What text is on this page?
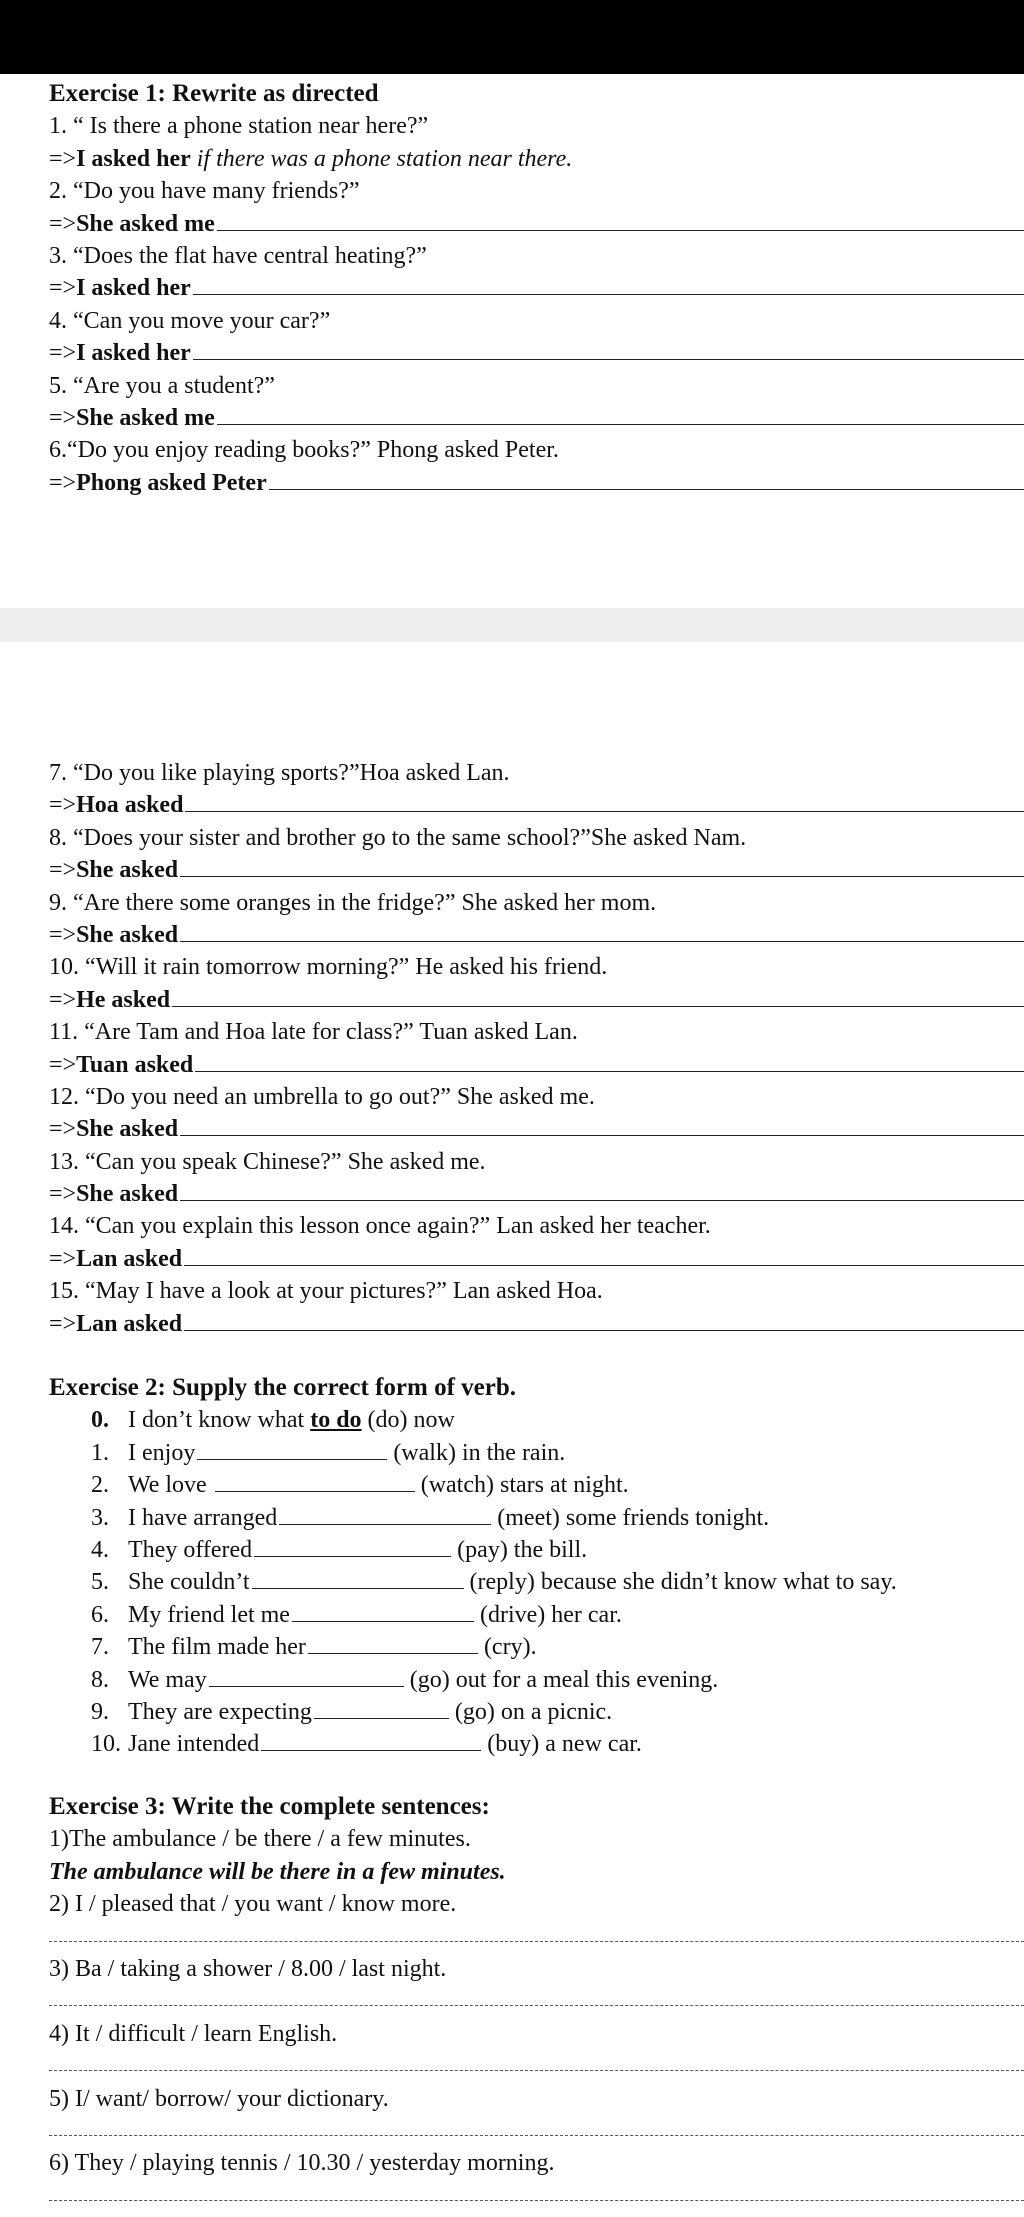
Exercise 1: Rewrite as directed
1. “ Is there a phone station near here?”
=>I asked her if there was a phone station near there.
2. “Do you have many friends?”
=> She asked me
3. “Does the flat have central heating?”
=> I asked her
4. “Can you move your car?”
=> I asked her
5. “Are you a student?”
=> She asked me
6.“Do you enjoy reading books?” Phong asked Peter.
=> Phong asked Peter
7. “Do you like playing sports?”Hoa asked Lan.
=> Hoa asked
8. “Does your sister and brother go to the same school?”She asked Nam.
=> She asked
9. “Are there some oranges in the fridge?” She asked her mom.
=> She asked
10. “Will it rain tomorrow morning?” He asked his friend.
=> He asked
11. “Are Tam and Hoa late for class?” Tuan asked Lan.
=> Tuan asked
12. “Do you need an umbrella to go out?” She asked me.
=> She asked
13. “Can you speak Chinese?” She asked me.
=> She asked
14. “Can you explain this lesson once again?” Lan asked her teacher.
=> Lan asked
15. “May I have a look at your pictures?” Lan asked Hoa.
=> Lan asked
Exercise 2: Supply the correct form of verb.
0. I don’t know what to do (do) now
1. I enjoy	(walk) in the rain.
2. We love	(watch) stars at night.
3. I have arranged	(meet) some friends tonight.
4. They offered	(pay) the bill.
5. She couldn’t	(reply) because she didn’t know what to say.
6. My friend let me	(drive) her car.
7. The film made her	(cry).
8. We may	(go) out for a meal this evening.
9. They are expecting	(go) on a picnic.
10. Jane intended	(buy) a new car.
Exercise 3: Write the complete sentences:
1)The ambulance / be there / a few minutes.
The ambulance will be there in a few minutes.
2) I / pleased that / you want / know more.
3) Ba / taking a shower / 8.00 / last night.
4) It / difficult / learn English.
5) I/ want/ borrow/ your dictionary.
6) They / playing tennis / 10.30 / yesterday morning.
